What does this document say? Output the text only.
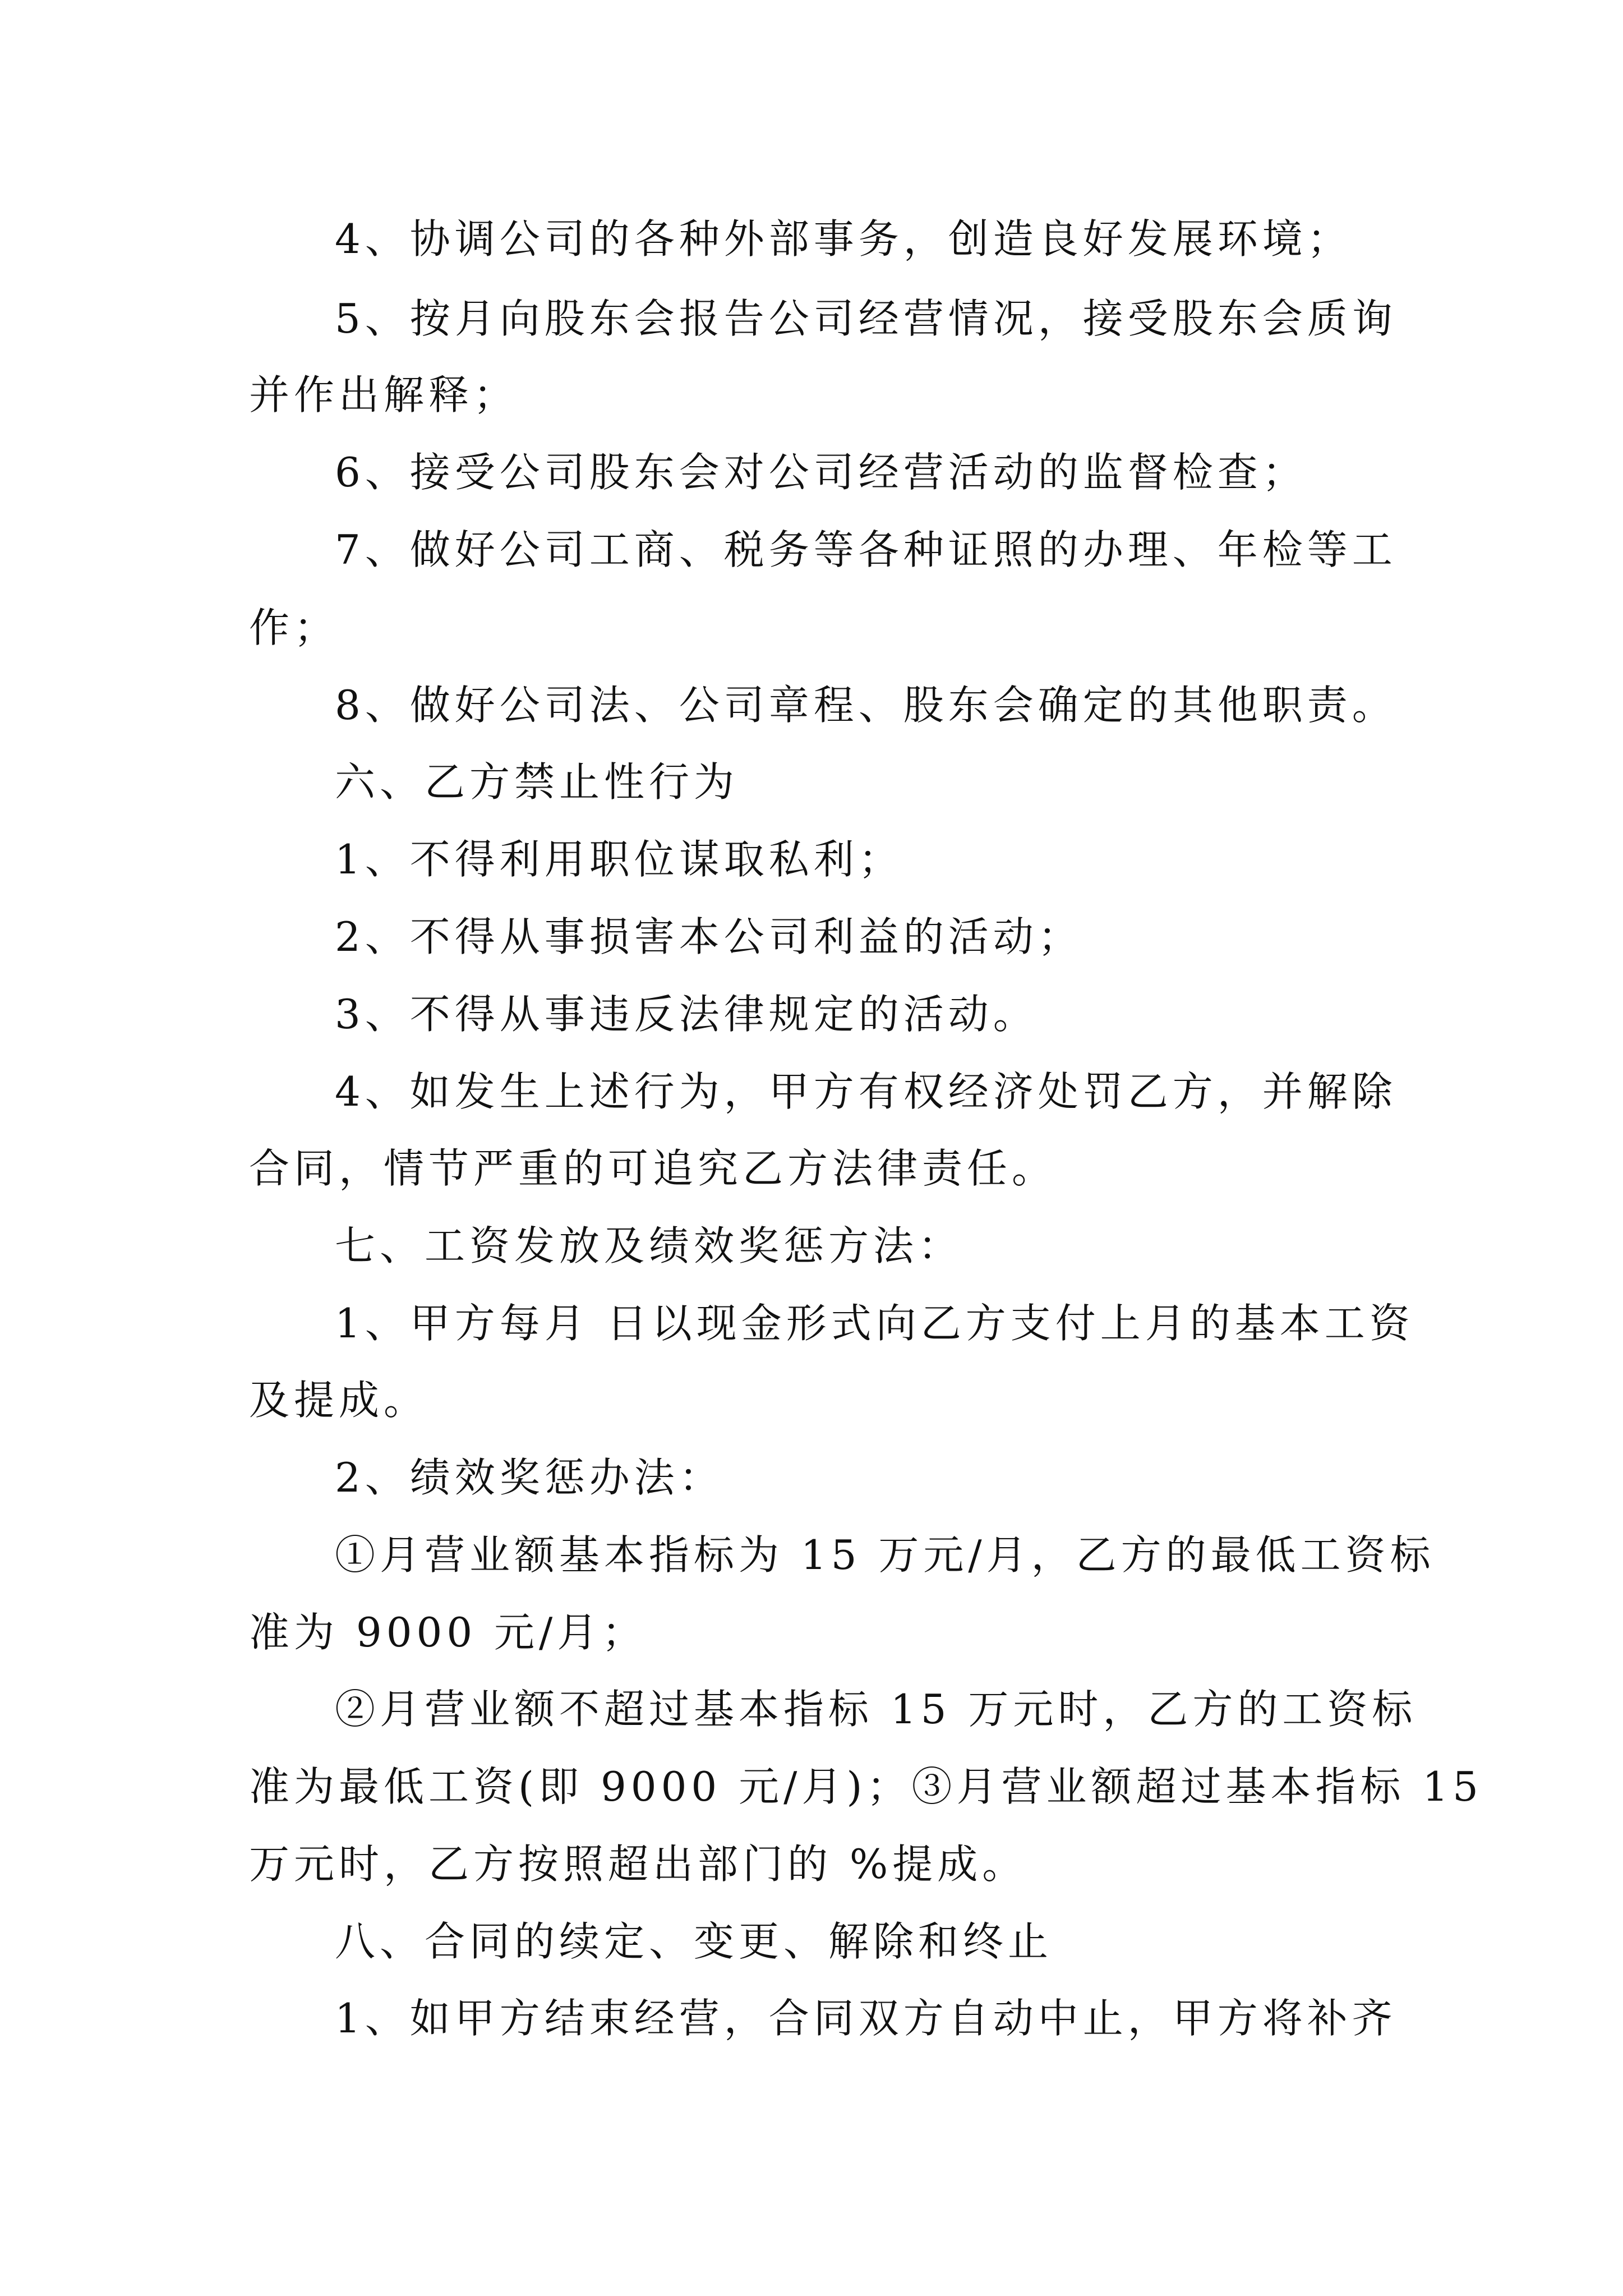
4、协调公司的各种外部事务，创造良好发展环境；
5、按月向股东会报告公司经营情况，接受股东会质询
并作出解释；
6、接受公司股东会对公司经营活动的监督检查；
7、做好公司工商、税务等各种证照的办理、年检等工
作；
8、做好公司法、公司章程、股东会确定的其他职责。
六、乙方禁止性行为
1、不得利用职位谋取私利；
2、不得从事损害本公司利益的活动；
3、不得从事违反法律规定的活动。
4、如发生上述行为，甲方有权经济处罚乙方，并解除
合同，情节严重的可追究乙方法律责任。
七、工资发放及绩效奖惩方法：
1、甲方每月 日以现金形式向乙方支付上月的基本工资
及提成。
2、绩效奖惩办法：
①月营业额基本指标为 15 万元/月，乙方的最低工资标
准为 9000 元/月；
②月营业额不超过基本指标 15 万元时，乙方的工资标
准为最低工资(即 9000 元/月)；③月营业额超过基本指标 15
万元时，乙方按照超出部门的 %提成。
八、合同的续定、变更、解除和终止
1、如甲方结束经营，合同双方自动中止，甲方将补齐
